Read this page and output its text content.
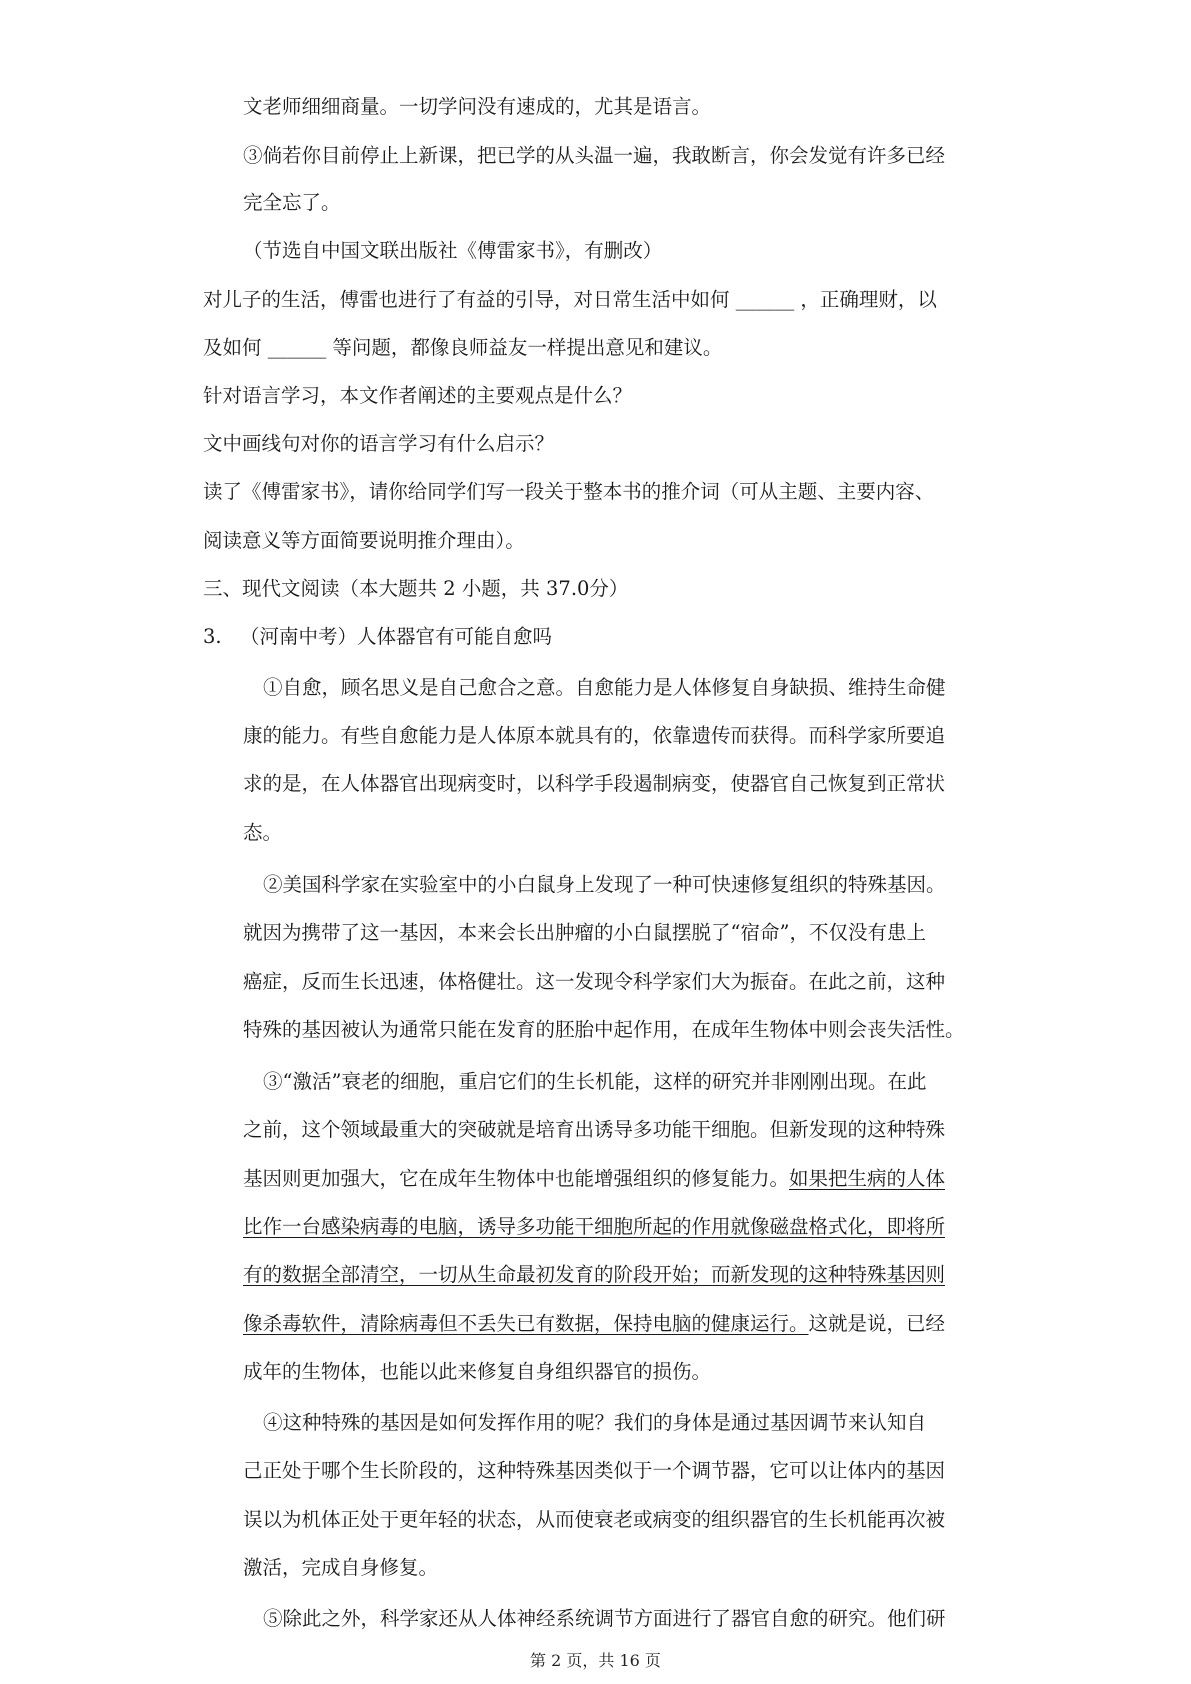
文老师细细商量。一切学问没有速成的，尤其是语言。

③倘若你目前停止上新课，把已学的从头温一遍，我敢断言，你会发觉有许多已经

完全忘了。

（节选自中国文联出版社《傅雷家书》，有删改）

对儿子的生活，傅雷也进行了有益的引导，对日常生活中如何 ______ ，正确理财，以

及如何 ______ 等问题，都像良师益友一样提出意见和建议。

针对语言学习，本文作者阐述的主要观点是什么？

文中画线句对你的语言学习有什么启示？

读了《傅雷家书》，请你给同学们写一段关于整本书的推介词（可从主题、主要内容、

阅读意义等方面简要说明推介理由）。

三、现代文阅读（本大题共 2 小题，共 37.0分）

3. （河南中考）人体器官有可能自愈吗

①自愈，顾名思义是自己愈合之意。自愈能力是人体修复自身缺损、维持生命健

康的能力。有些自愈能力是人体原本就具有的，依靠遗传而获得。而科学家所要追

求的是，在人体器官出现病变时，以科学手段遏制病变，使器官自己恢复到正常状

态。

②美国科学家在实验室中的小白鼠身上发现了一种可快速修复组织的特殊基因。

就因为携带了这一基因，本来会长出肿瘤的小白鼠摆脱了“宿命”，不仅没有患上

癌症，反而生长迅速，体格健壮。这一发现令科学家们大为振奋。在此之前，这种

特殊的基因被认为通常只能在发育的胚胎中起作用，在成年生物体中则会丧失活性。

③“激活”衰老的细胞，重启它们的生长机能，这样的研究并非刚刚出现。在此

之前，这个领域最重大的突破就是培育出诱导多功能干细胞。但新发现的这种特殊

基因则更加强大，它在成年生物体中也能增强组织的修复能力。如果把生病的人体

比作一台感染病毒的电脑，诱导多功能干细胞所起的作用就像磁盘格式化，即将所

有的数据全部清空，一切从生命最初发育的阶段开始；而新发现的这种特殊基因则

像杀毒软件，清除病毒但不丢失已有数据，保持电脑的健康运行。这就是说，已经

成年的生物体，也能以此来修复自身组织器官的损伤。

④这种特殊的基因是如何发挥作用的呢？我们的身体是通过基因调节来认知自

己正处于哪个生长阶段的，这种特殊基因类似于一个调节器，它可以让体内的基因

误以为机体正处于更年轻的状态，从而使衰老或病变的组织器官的生长机能再次被

激活，完成自身修复。

⑤除此之外，科学家还从人体神经系统调节方面进行了器官自愈的研究。他们研

第 2 页，共 16 页
